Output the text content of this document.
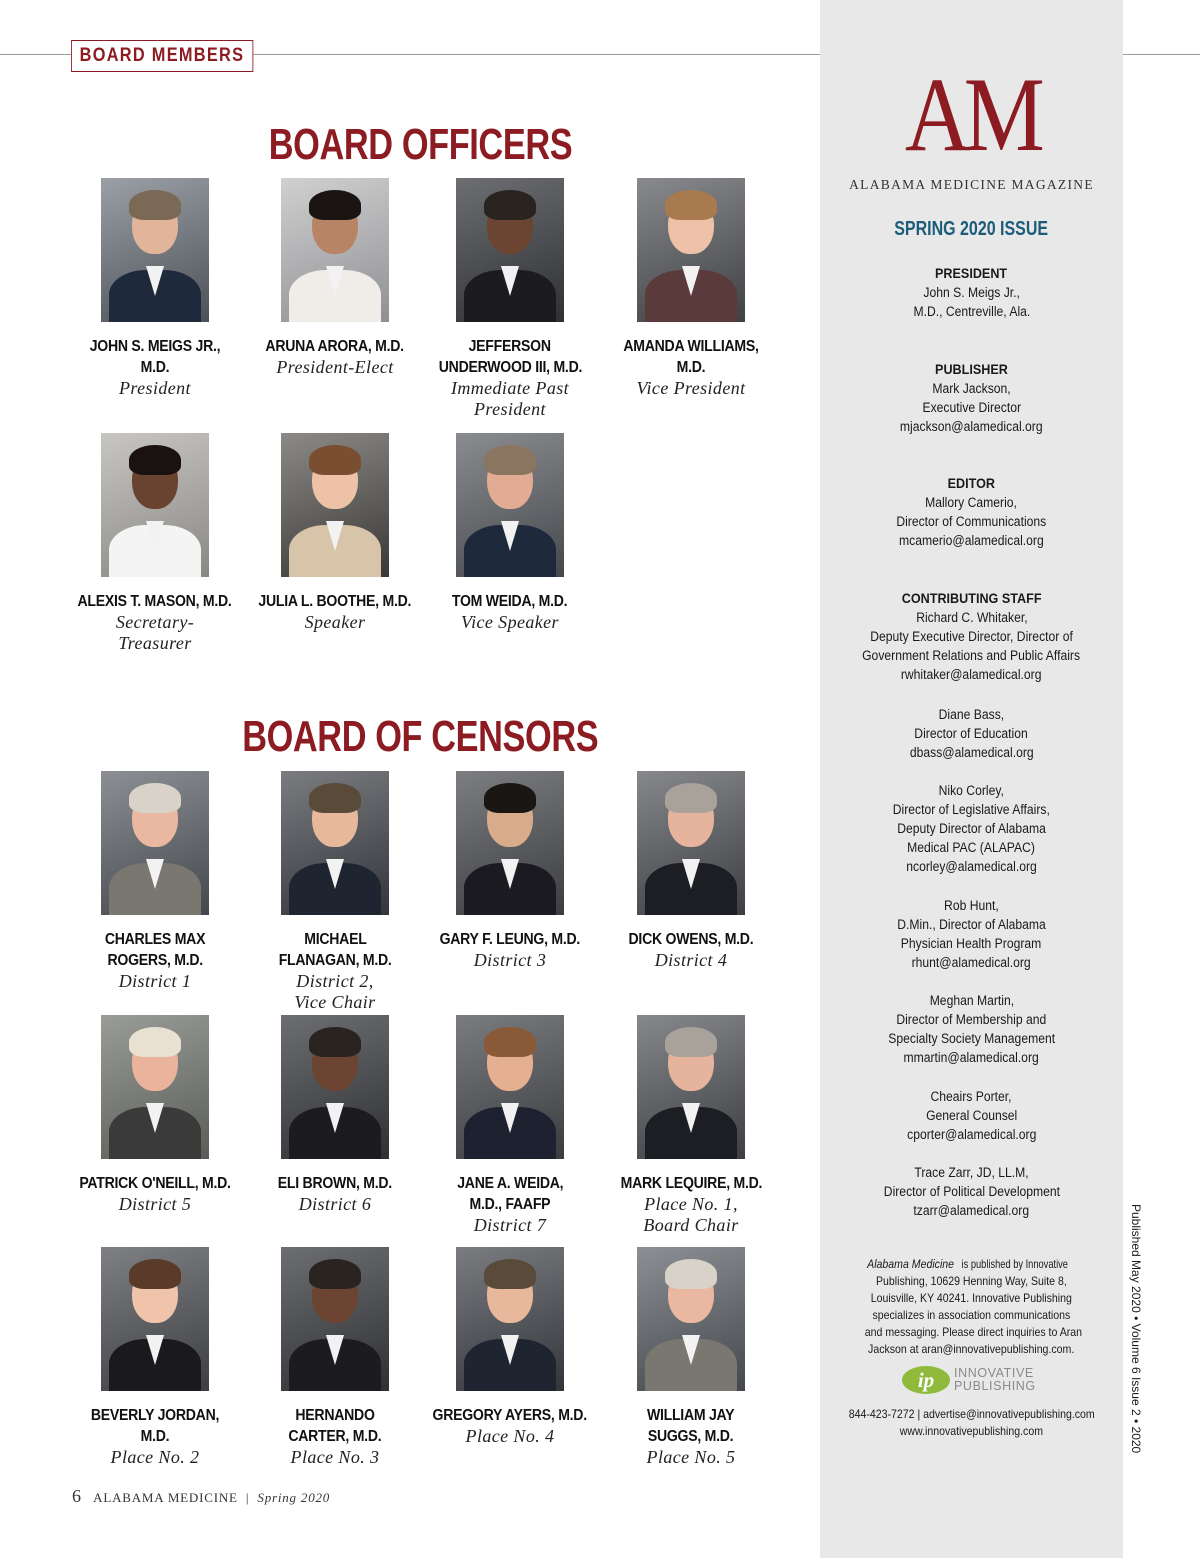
BOARD MEMBERS
BOARD OFFICERS
BOARD OF CENSORS
JOHN S. MEIGS JR., M.D.
President
ARUNA ARORA, M.D.
President-Elect
JEFFERSON
UNDERWOOD III, M.D.
Immediate Past
President
AMANDA WILLIAMS, M.D.
Vice President
ALEXIS T. MASON, M.D.
Secretary-
Treasurer
JULIA L. BOOTHE, M.D.
Speaker
TOM WEIDA, M.D.
Vice Speaker
CHARLES MAX
ROGERS, M.D.
District 1
MICHAEL
FLANAGAN, M.D.
District 2,
Vice Chair
GARY F. LEUNG, M.D.
District 3
DICK OWENS, M.D.
District 4
PATRICK O'NEILL, M.D.
District 5
ELI BROWN, M.D.
District 6
JANE A. WEIDA,
M.D., FAAFP
District 7
MARK LEQUIRE, M.D.
Place No. 1,
Board Chair
BEVERLY JORDAN, M.D.
Place No. 2
HERNANDO
CARTER, M.D.
Place No. 3
GREGORY AYERS, M.D.
Place No. 4
WILLIAM JAY
SUGGS, M.D.
Place No. 5
AM
ALABAMA MEDICINE MAGAZINE
SPRING 2020 ISSUE
PRESIDENT
John S. Meigs Jr.,
M.D., Centreville, Ala.
PUBLISHER
Mark Jackson,
Executive Director
mjackson@alamedical.org
EDITOR
Mallory Camerio,
Director of Communications
mcamerio@alamedical.org
CONTRIBUTING STAFF
Richard C. Whitaker,
Deputy Executive Director, Director of
Government Relations and Public Affairs
rwhitaker@alamedical.org
Diane Bass,
Director of Education
dbass@alamedical.org
Niko Corley,
Director of Legislative Affairs,
Deputy Director of Alabama
Medical PAC (ALAPAC)
ncorley@alamedical.org
Rob Hunt,
D.Min., Director of Alabama
Physician Health Program
rhunt@alamedical.org
Meghan Martin,
Director of Membership and
Specialty Society Management
mmartin@alamedical.org
Cheairs Porter,
General Counsel
cporter@alamedical.org
Trace Zarr, JD, LL.M,
Director of Political Development
tzarr@alamedical.org
Alabama Medicineis published by Innovative
Publishing, 10629 Henning Way, Suite 8,
Louisville, KY 40241. Innovative Publishing
specializes in association communications
and messaging. Please direct inquiries to Aran
Jackson at aran@innovativepublishing.com.
ip	INNOVATIVE
PUBLISHING
844-423-7272 | advertise@innovativepublishing.com
www.innovativepublishing.com	Published May 2020 • Volume 6 Issue 2 • 2020
6 ALABAMA MEDICINE | Spring 2020
